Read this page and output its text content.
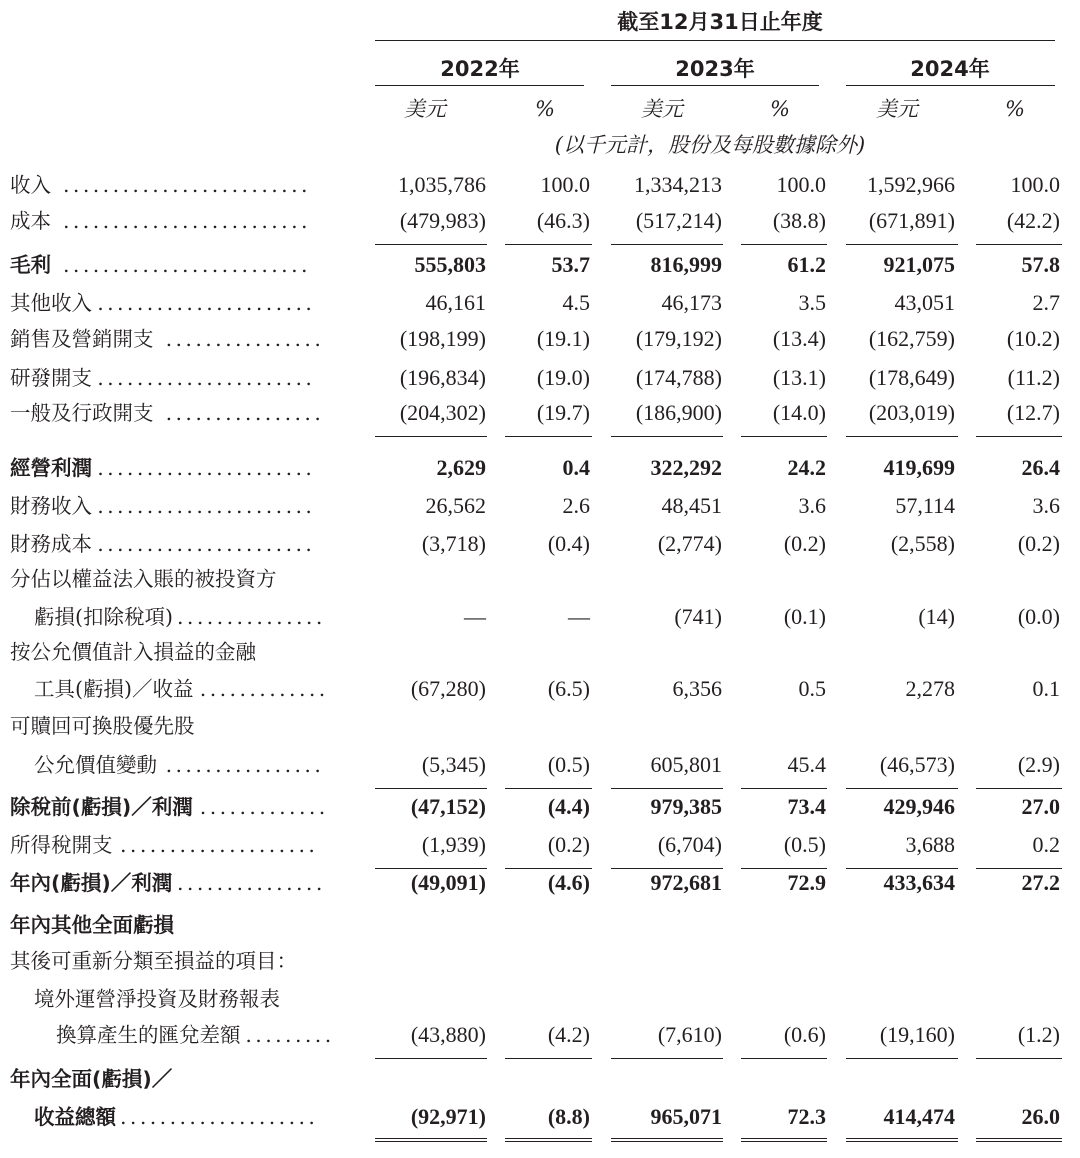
截至12月31日止年度
2022年	2023年	2024年
美元	%	美元	%	美元	%
(以千元計，股份及每股數據除外)
收入 .........................	1,035,786	100.0	1,334,213	100.0	1,592,966	100.0
成本 .........................	(479,983)	(46.3)	(517,214)	(38.8)	(671,891)	(42.2)
毛利 .........................	555,803	53.7	816,999	61.2	921,075	57.8
其他收入 ......................	46,161	4.5	46,173	3.5	43,051	2.7
銷售及營銷開支 ................	(198,199)	(19.1)	(179,192)	(13.4)	(162,759)	(10.2)
研發開支 ......................	(196,834)	(19.0)	(174,788)	(13.1)	(178,649)	(11.2)
一般及行政開支 ................	(204,302)	(19.7)	(186,900)	(14.0)	(203,019)	(12.7)
經營利潤 ......................	2,629	0.4	322,292	24.2	419,699	26.4
財務收入 ......................	26,562	2.6	48,451	3.6	57,114	3.6
財務成本 ......................	(3,718)	(0.4)	(2,774)	(0.2)	(2,558)	(0.2)
分佔以權益法入賬的被投資方
虧損(扣除稅項) ...............	—	—	(741)	(0.1)	(14)	(0.0)
按公允價值計入損益的金融
工具(虧損)／收益 .............	(67,280)	(6.5)	6,356	0.5	2,278	0.1
可贖回可換股優先股
公允價值變動 ................	(5,345)	(0.5)	605,801	45.4	(46,573)	(2.9)
除稅前(虧損)／利潤 .............	(47,152)	(4.4)	979,385	73.4	429,946	27.0
所得稅開支 ....................	(1,939)	(0.2)	(6,704)	(0.5)	3,688	0.2
年內(虧損)／利潤 ...............	(49,091)	(4.6)	972,681	72.9	433,634	27.2
年內其他全面虧損
其後可重新分類至損益的項目：
境外運營淨投資及財務報表
換算產生的匯兌差額 .........	(43,880)	(4.2)	(7,610)	(0.6)	(19,160)	(1.2)
年內全面(虧損)／
收益總額 ....................	(92,971)	(8.8)	965,071	72.3	414,474	26.0
